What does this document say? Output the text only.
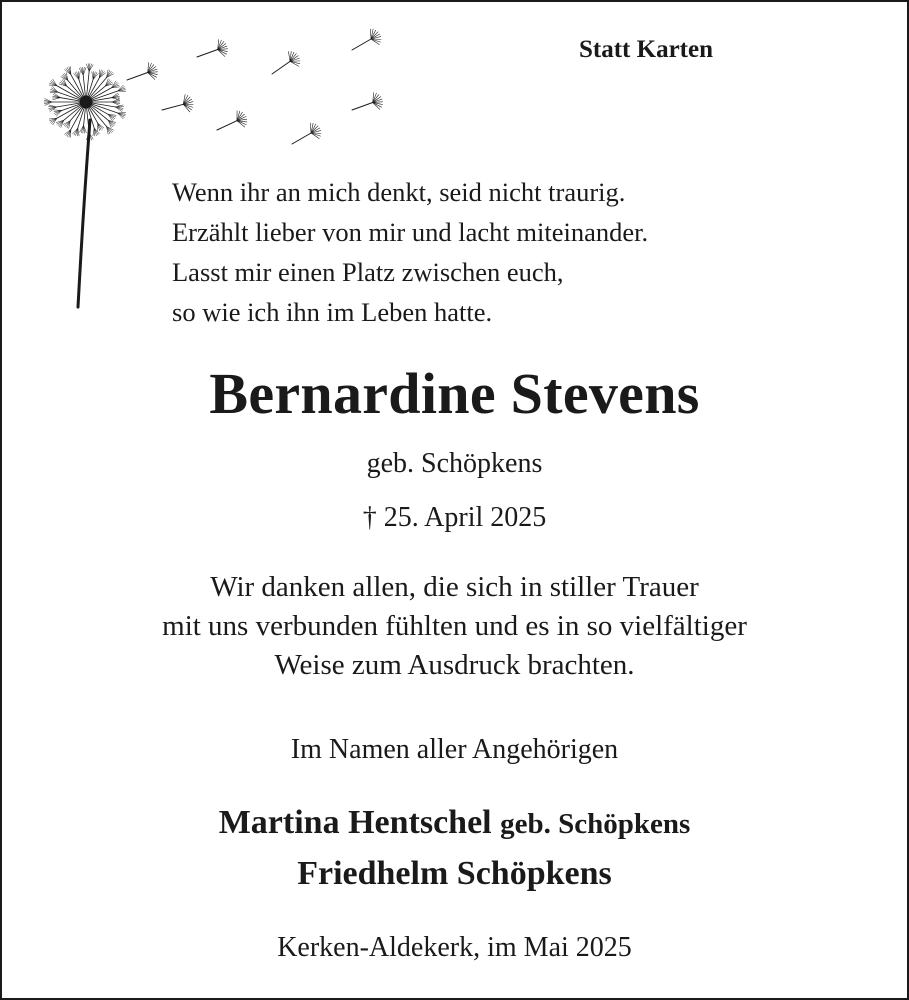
Statt Karten
Wenn ihr an mich denkt, seid nicht traurig.
Erzählt lieber von mir und lacht miteinander.
Lasst mir einen Platz zwischen euch,
so wie ich ihn im Leben hatte.
Bernardine Stevens
geb. Schöpkens
† 25. April 2025
Wir danken allen, die sich in stiller Trauer
mit uns verbunden fühlten und es in so vielfältiger
Weise zum Ausdruck brachten.
Im Namen aller Angehörigen
Martina Hentschel geb. Schöpkens
Friedhelm Schöpkens
Kerken-Aldekerk, im Mai 2025
